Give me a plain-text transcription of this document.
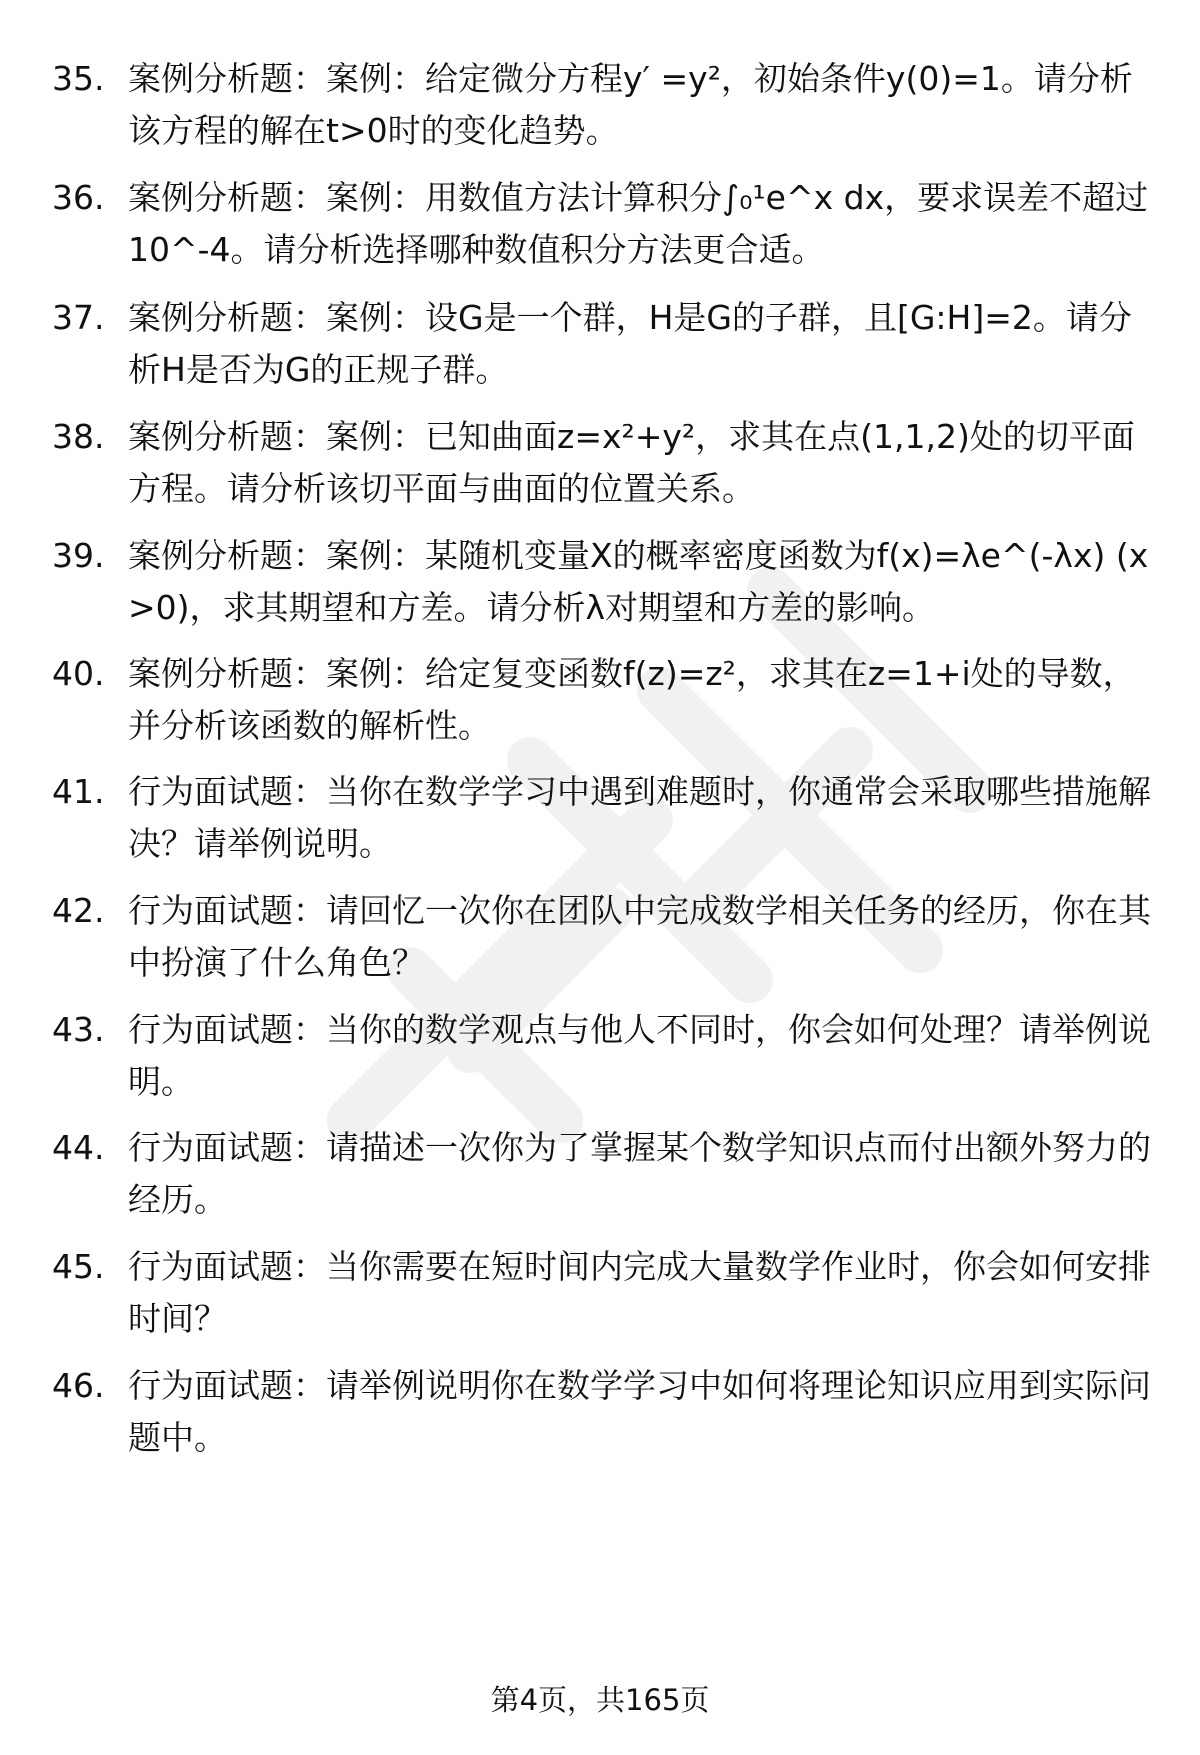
35. 案例分析题：案例：给定微分方程y′ =y²，初始条件y(0)=1。请分析该方程的解在t>0时的变化趋势。
36. 案例分析题：案例：用数值方法计算积分∫₀¹e^x dx，要求误差不超过10^-4。请分析选择哪种数值积分方法更合适。
37. 案例分析题：案例：设G是一个群，H是G的子群，且[G:H]=2。请分析H是否为G的正规子群。
38. 案例分析题：案例：已知曲面z=x²+y²，求其在点(1,1,2)处的切平面方程。请分析该切平面与曲面的位置关系。
39. 案例分析题：案例：某随机变量X的概率密度函数为f(x)=λe^(-λx) (x>0)，求其期望和方差。请分析λ对期望和方差的影响。
40. 案例分析题：案例：给定复变函数f(z)=z²，求其在z=1+i处的导数，并分析该函数的解析性。
41. 行为面试题：当你在数学学习中遇到难题时，你通常会采取哪些措施解决？请举例说明。
42. 行为面试题：请回忆一次你在团队中完成数学相关任务的经历，你在其中扮演了什么角色？
43. 行为面试题：当你的数学观点与他人不同时，你会如何处理？请举例说明。
44. 行为面试题：请描述一次你为了掌握某个数学知识点而付出额外努力的经历。
45. 行为面试题：当你需要在短时间内完成大量数学作业时，你会如何安排时间？
46. 行为面试题：请举例说明你在数学学习中如何将理论知识应用到实际问题中。
第4页，共165页
